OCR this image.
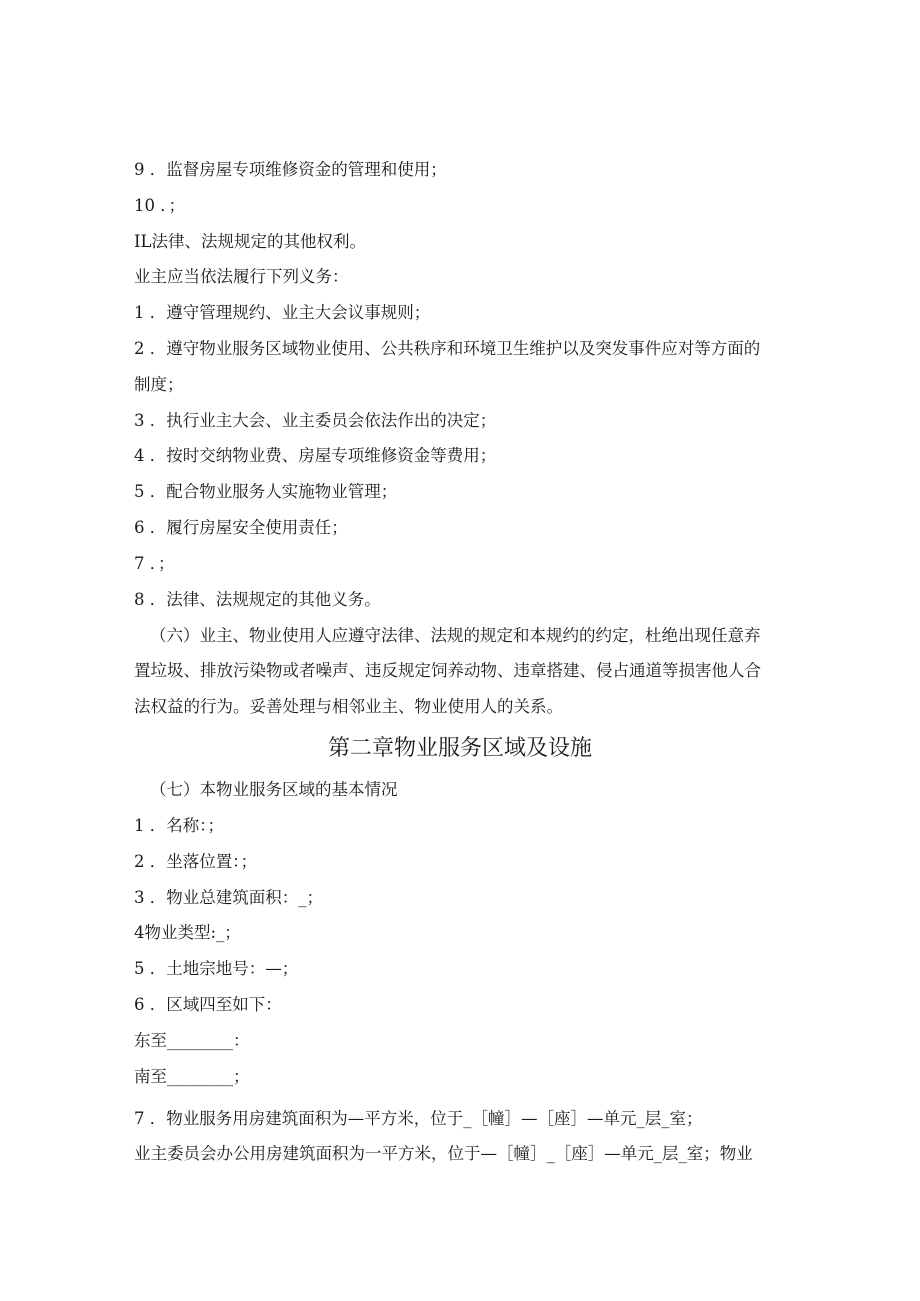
9 ．监督房屋专项维修资金的管理和使用；

10 ．；

IL法律、法规规定的其他权利。

业主应当依法履行下列义务：

1 ．遵守管理规约、业主大会议事规则；

2 ．遵守物业服务区域物业使用、公共秩序和环境卫生维护以及突发事件应对等方面的

制度；

3 ．执行业主大会、业主委员会依法作出的决定；

4 ．按时交纳物业费、房屋专项维修资金等费用；

5 ．配合物业服务人实施物业管理；

6 ．履行房屋安全使用责任；

7 ．；

8 ．法律、法规规定的其他义务。

（六）业主、物业使用人应遵守法律、法规的规定和本规约的约定，杜绝出现任意弃

置垃圾、排放污染物或者噪声、违反规定饲养动物、违章搭建、侵占通道等损害他人合

法权益的行为。妥善处理与相邻业主、物业使用人的关系。

第二章物业服务区域及设施

（七）本物业服务区域的基本情况

1 ．名称：；

2 ．坐落位置：；

3 ．物业总建筑面积：_；

4物业类型:_；

5 ．土地宗地号：—；

6 ．区域四至如下：

东至________：

南至________；

7 ．物业服务用房建筑面积为—平方米，位于_［幢］—［座］—单元_层_室；

业主委员会办公用房建筑面积为一平方米，位于—［幢］_［座］—单元_层_室；物业
